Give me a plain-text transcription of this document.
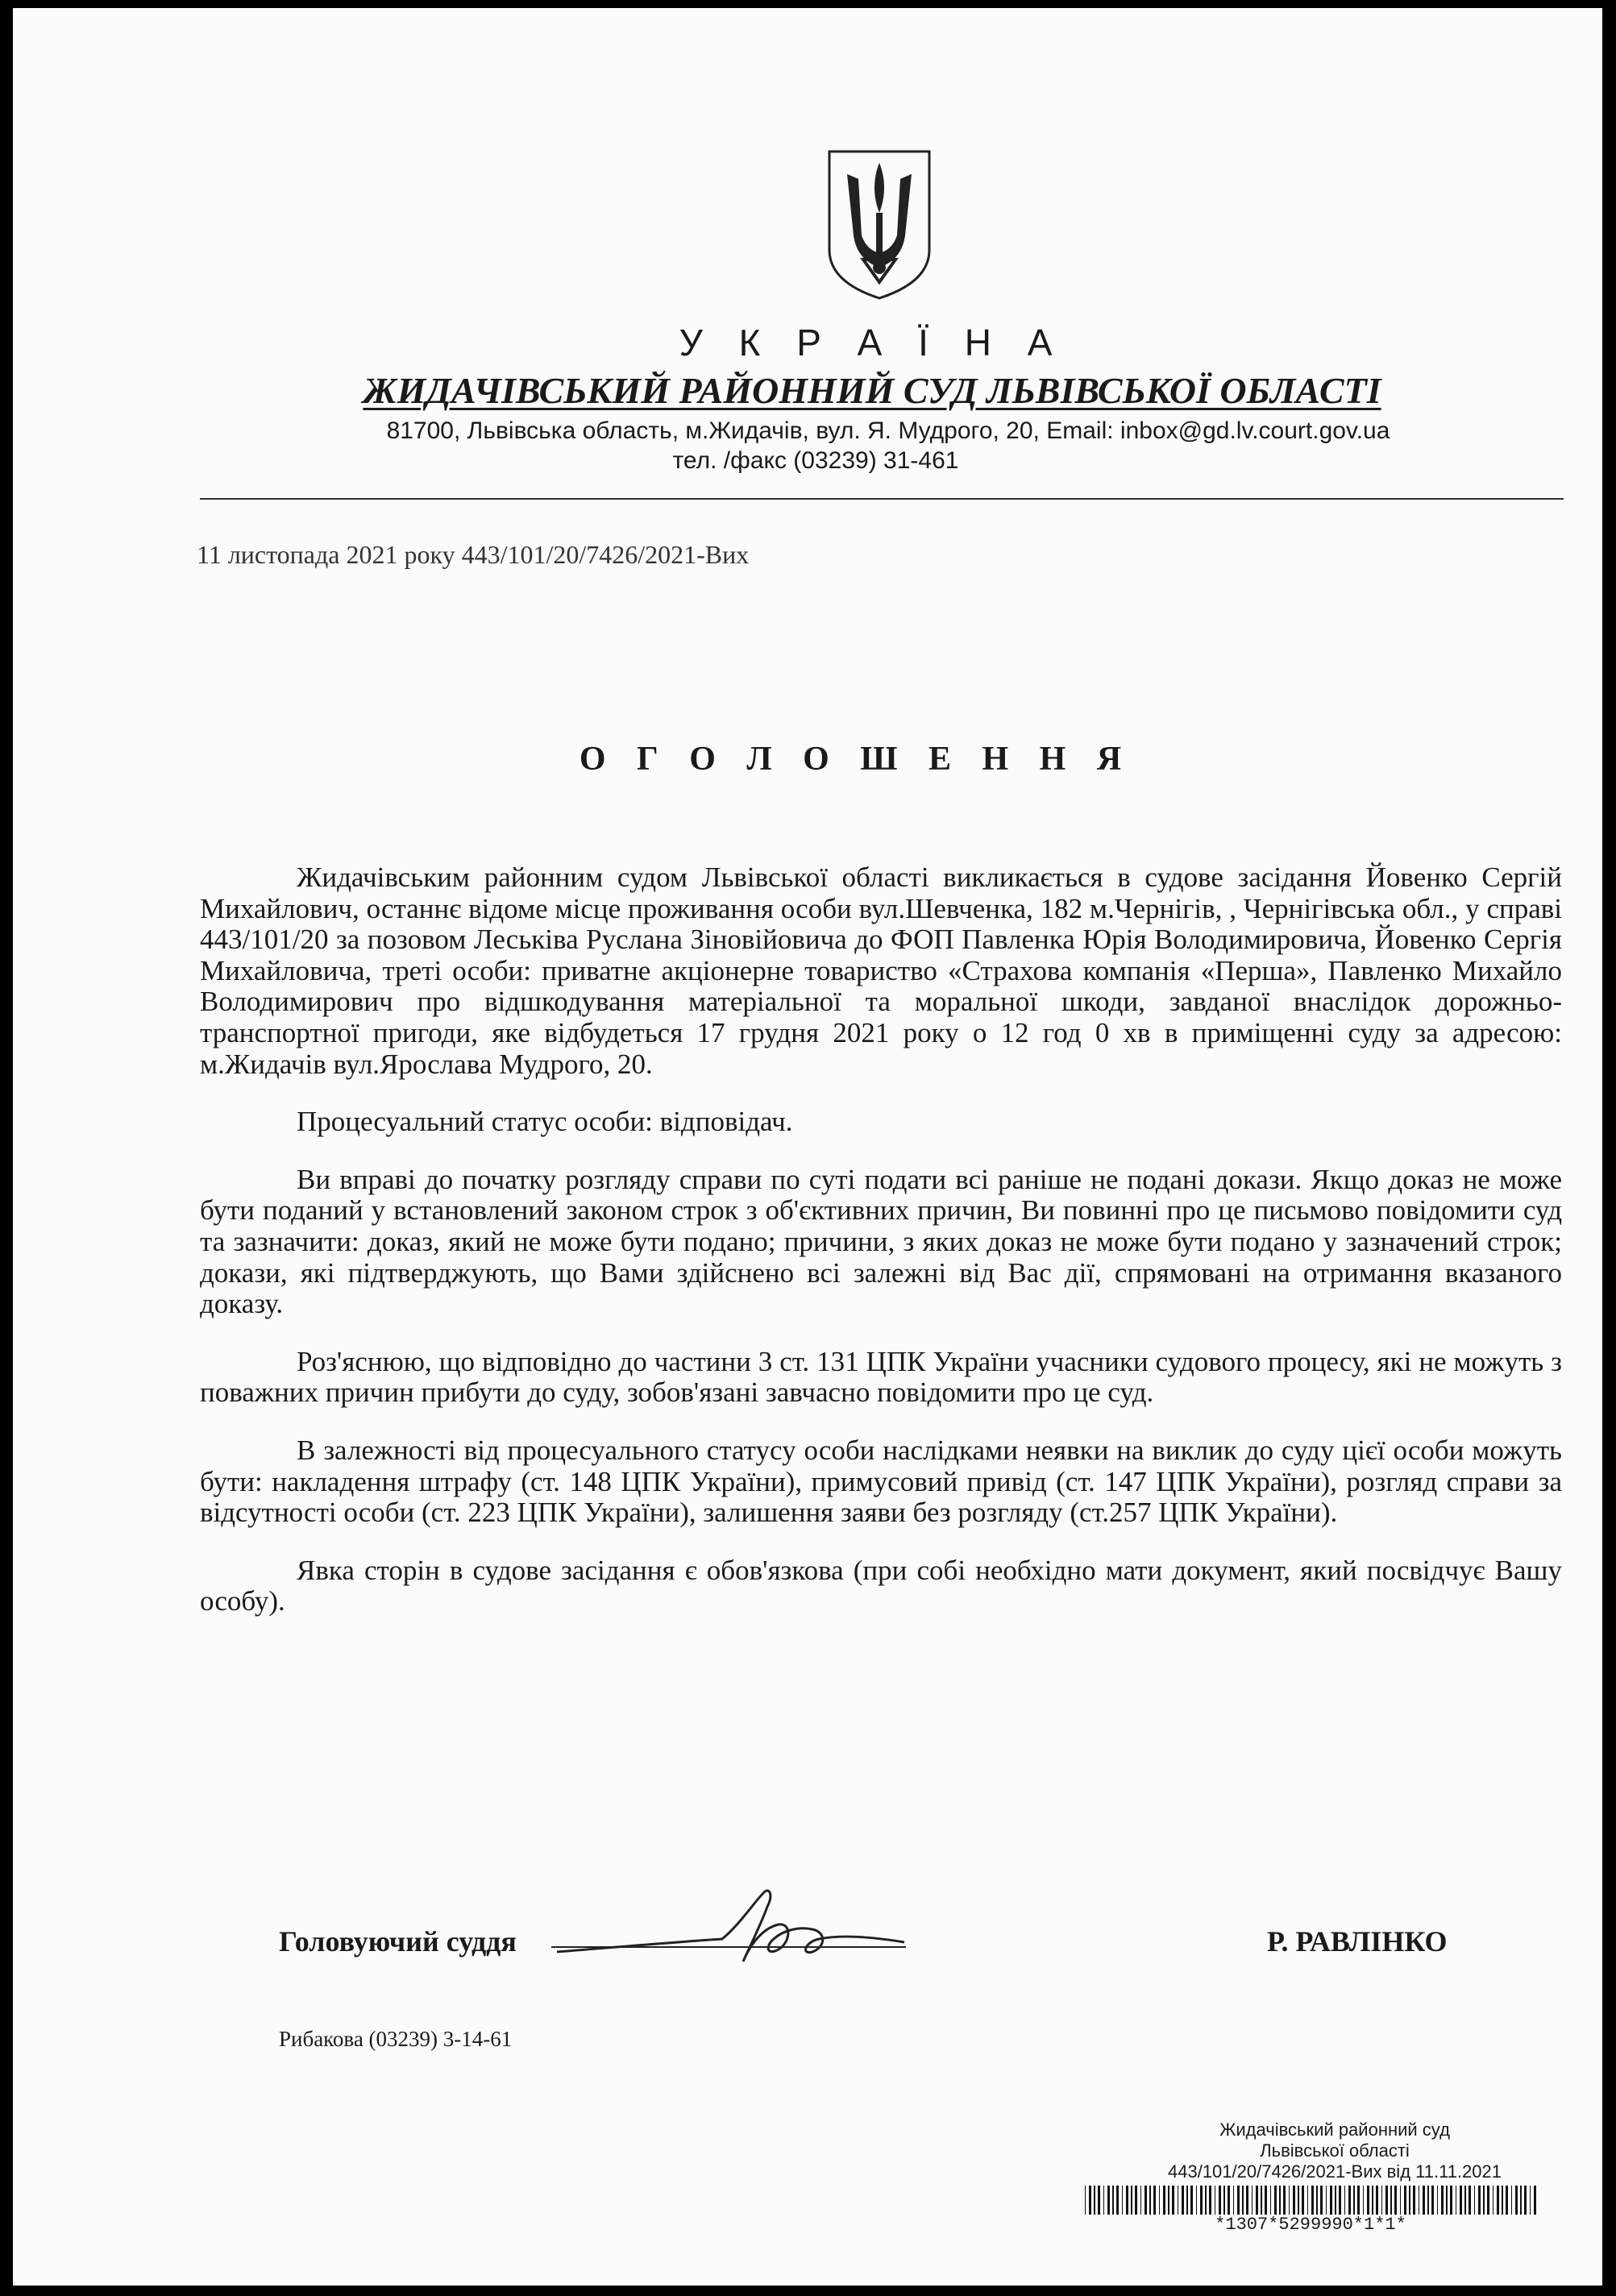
У К Р А Ї Н А
ЖИДАЧІВСЬКИЙ РАЙОННИЙ СУД ЛЬВІВСЬКОЇ ОБЛАСТІ
81700, Львівська область, м.Жидачів, вул. Я. Мудрого, 20, Email: inbox@gd.lv.court.gov.ua
тел. /факс (03239) 31-461
11 листопада 2021 року 443/101/20/7426/2021-Вих
О Г О Л О Ш Е Н Н Я

Жидачівським районним судом Львівської області викликається в судове засідання Йовенко Сергій Михайлович, останнє відоме місце проживання особи вул.Шевченка, 182 м.Чернігів, , Чернігівська обл., у справі 443/101/20 за позовом Леськіва Руслана Зіновійовича до ФОП Павленка Юрія Володимировича, Йовенко Сергія Михайловича, треті особи: приватне акціонерне товариство «Страхова компанія «Перша», Павленко Михайло Володимирович про відшкодування матеріальної та моральної шкоди, завданої внаслідок дорожньо-транспортної пригоди, яке відбудеться 17 грудня 2021 року о 12 год 0 хв в приміщенні суду за адресою: м.Жидачів вул.Ярослава Мудрого, 20.

Процесуальний статус особи: відповідач.

Ви вправі до початку розгляду справи по суті подати всі раніше не подані докази. Якщо доказ не може бути поданий у встановлений законом строк з об'єктивних причин, Ви повинні про це письмово повідомити суд та зазначити: доказ, який не може бути подано; причини, з яких доказ не може бути подано у зазначений строк; докази, які підтверджують, що Вами здійснено всі залежні від Вас дії, спрямовані на отримання вказаного доказу.

Роз'яснюю, що відповідно до частини 3 ст. 131 ЦПК України учасники судового процесу, які не можуть з поважних причин прибути до суду, зобов'язані завчасно повідомити про це суд.

В залежності від процесуального статусу особи наслідками неявки на виклик до суду цієї особи можуть бути: накладення штрафу (ст. 148 ЦПК України), примусовий привід (ст. 147 ЦПК України), розгляд справи за відсутності особи (ст. 223 ЦПК України), залишення заяви без розгляду (ст.257 ЦПК України).

Явка сторін в судове засідання є обов'язкова (при собі необхідно мати документ, який посвідчує Вашу особу).

Головуючий суддя	Р. РАВЛІНКО
Рибакова (03239) 3-14-61
Жидачівський районний суд
Львівської області
443/101/20/7426/2021-Вих від 11.11.2021
*1307*5299990*1*1*
